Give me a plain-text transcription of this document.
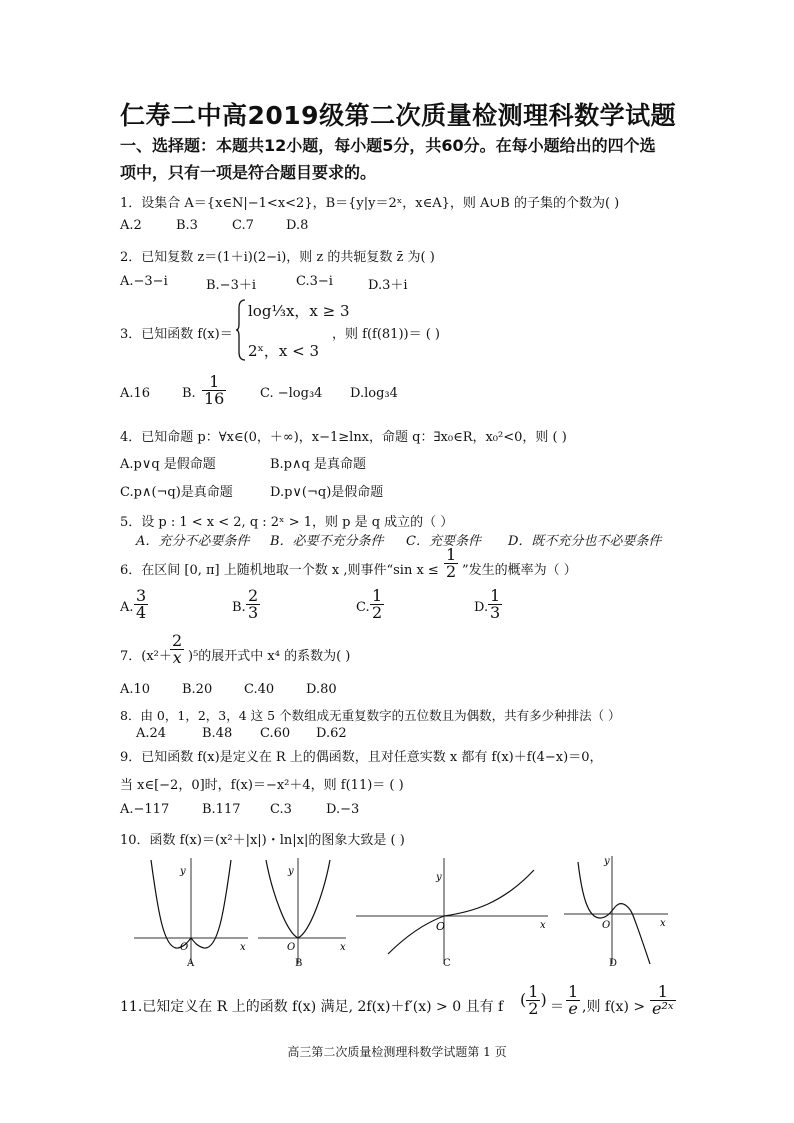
仁寿二中高2019级第二次质量检测理科数学试题
一、选择题：本题共12小题，每小题5分，共60分。在每小题给出的四个选
项中，只有一项是符合题目要求的。
1．设集合 A＝{x∈N|−1<x<2}，B＝{y|y＝2ˣ，x∈A}，则 A∪B 的子集的个数为( )
A.2	B.3	C.7 D.8
2．已知复数 z＝(1＋i)(2−i)，则 z 的共轭复数 z̄ 为( )
A.−3−i	B.−3＋i	C.3−i	D.3＋i
3．已知函数 f(x)＝
log⅓x，x ≥ 3
2ˣ，x < 3
，则 f(f(81))＝ ( )
A.16 B. $\frac{1}{16}$	C. −log₃4 D.log₃4
4．已知命题 p：∀x∈(0，＋∞)，x−1≥lnx，命题 q：∃x₀∈R，x₀²<0，则 ( )
A.p∨q 是假命题	B.p∧q 是真命题
C.p∧(¬q)是真命题	D.p∨(¬q)是假命题
5．设 p : 1 < x < 2, q : 2ˣ > 1，则 p 是 q 成立的（ ）
A．充分不必要条件 B．必要不充分条件 C．充要条件 D．既不充分也不必要条件
6．在区间 [0, π] 上随机地取一个数 x ,则事件“sin $x \le \frac{1}{2}$ ”发生的概率为（ ）
A. $\frac{3}{4}$	B. $\frac{2}{3}$	C. $\frac{1}{2}$	D. $\frac{1}{3}$
7．(x²＋
$\frac{2}{x} )^5$的展开式中 x⁴ 的系数为( )
A.10 B.20 C.40 D.80
8．由 0，1，2，3，4 这 5 个数组成无重复数字的五位数且为偶数，共有多少种排法（ ）
A.24	B.48 C.60 D.62
9．已知函数 f(x)是定义在 R 上的偶函数，且对任意实数 x 都有 f(x)＋f(4−x)＝0，
当 x∈[−2，0]时，f(x)＝−x²＋4，则 f(11)＝ ( )
A.−117	B.117 C.3	D.−3
10．函数 f(x)＝(x²＋|x|)・ln|x|的图象大致是 ( )
y
x
O
A
y
x
O
B
y
x
O
C
y
x
O
D
11.已知定义在 R 上的函数 f(x) 满足, 2f(x)＋f′(x) > 0 且有 f ( $\frac{1}{2}$ ) ＝ $\frac{1}{e}$ ,则 $f(x) > \frac{1}{\text{e²ˣ}}$
高三第二次质量检测理科数学试题第 1 页
